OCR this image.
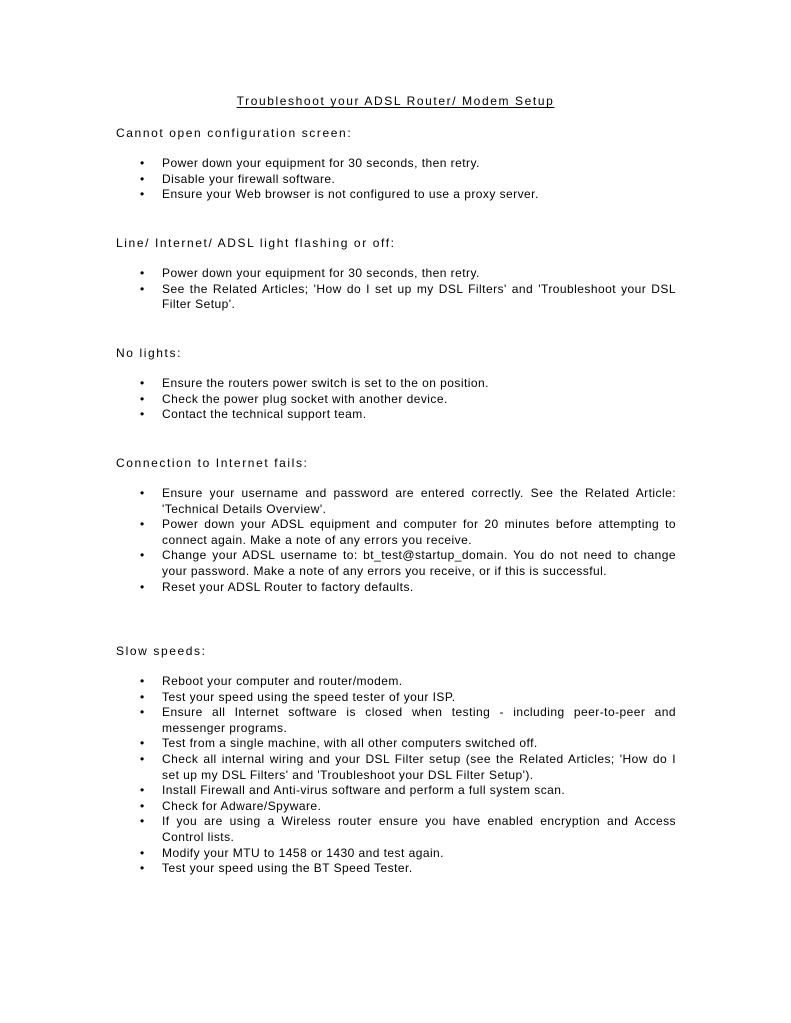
Troubleshoot your ADSL Router/ Modem Setup
Cannot open configuration screen:
• Power down your equipment for 30 seconds, then retry.
• Disable your firewall software.
• Ensure your Web browser is not configured to use a proxy server.
Line/ Internet/ ADSL light flashing or off:
• Power down your equipment for 30 seconds, then retry.
• See the Related Articles; 'How do I set up my DSL Filters' and 'Troubleshoot your DSL Filter Setup'.
No lights:
• Ensure the routers power switch is set to the on position.
• Check the power plug socket with another device.
• Contact the technical support team.
Connection to Internet fails:
• Ensure your username and password are entered correctly. See the Related Article: 'Technical Details Overview'.
• Power down your ADSL equipment and computer for 20 minutes before attempting to connect again. Make a note of any errors you receive.
• Change your ADSL username to: bt_test@startup_domain. You do not need to change your password. Make a note of any errors you receive, or if this is successful.
• Reset your ADSL Router to factory defaults.
Slow speeds:
• Reboot your computer and router/modem.
• Test your speed using the speed tester of your ISP.
• Ensure all Internet software is closed when testing - including peer-to-peer and messenger programs.
• Test from a single machine, with all other computers switched off.
• Check all internal wiring and your DSL Filter setup (see the Related Articles; 'How do I set up my DSL Filters' and 'Troubleshoot your DSL Filter Setup').
• Install Firewall and Anti-virus software and perform a full system scan.
• Check for Adware/Spyware.
• If you are using a Wireless router ensure you have enabled encryption and Access Control lists.
• Modify your MTU to 1458 or 1430 and test again.
• Test your speed using the BT Speed Tester.
